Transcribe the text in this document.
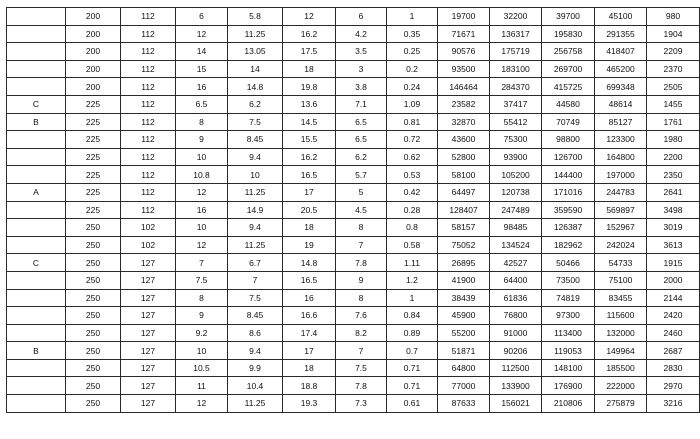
	200	112	6	5.8	12	6	1	19700	32200	39700	45100	980
	200	112	12	11.25	16.2	4.2	0.35	71671	136317	195830	291355	1904
	200	112	14	13.05	17.5	3.5	0.25	90576	175719	256758	418407	2209
	200	112	15	14	18	3	0.2	93500	183100	269700	465200	2370
	200	112	16	14.8	19.8	3.8	0.24	146464	284370	415725	699348	2505
C	225	112	6.5	6.2	13.6	7.1	1.09	23582	37417	44580	48614	1455
B	225	112	8	7.5	14.5	6.5	0.81	32870	55412	70749	85127	1761
	225	112	9	8.45	15.5	6.5	0.72	43600	75300	98800	123300	1980
	225	112	10	9.4	16.2	6.2	0.62	52800	93900	126700	164800	2200
	225	112	10.8	10	16.5	5.7	0.53	58100	105200	144400	197000	2350
A	225	112	12	11.25	17	5	0.42	64497	120738	171016	244783	2641
	225	112	16	14.9	20.5	4.5	0.28	128407	247489	359590	569897	3498
	250	102	10	9.4	18	8	0.8	58157	98485	126387	152967	3019
	250	102	12	11.25	19	7	0.58	75052	134524	182962	242024	3613
C	250	127	7	6.7	14.8	7.8	1.11	26895	42527	50466	54733	1915
	250	127	7.5	7	16.5	9	1.2	41900	64400	73500	75100	2000
	250	127	8	7.5	16	8	1	38439	61836	74819	83455	2144
	250	127	9	8.45	16.6	7.6	0.84	45900	76800	97300	115600	2420
	250	127	9.2	8.6	17.4	8.2	0.89	55200	91000	113400	132000	2460
B	250	127	10	9.4	17	7	0.7	51871	90206	119053	149964	2687
	250	127	10.5	9.9	18	7.5	0.71	64800	112500	148100	185500	2830
	250	127	11	10.4	18.8	7.8	0.71	77000	133900	176900	222000	2970
	250	127	12	11.25	19.3	7.3	0.61	87633	156021	210806	275879	3216
